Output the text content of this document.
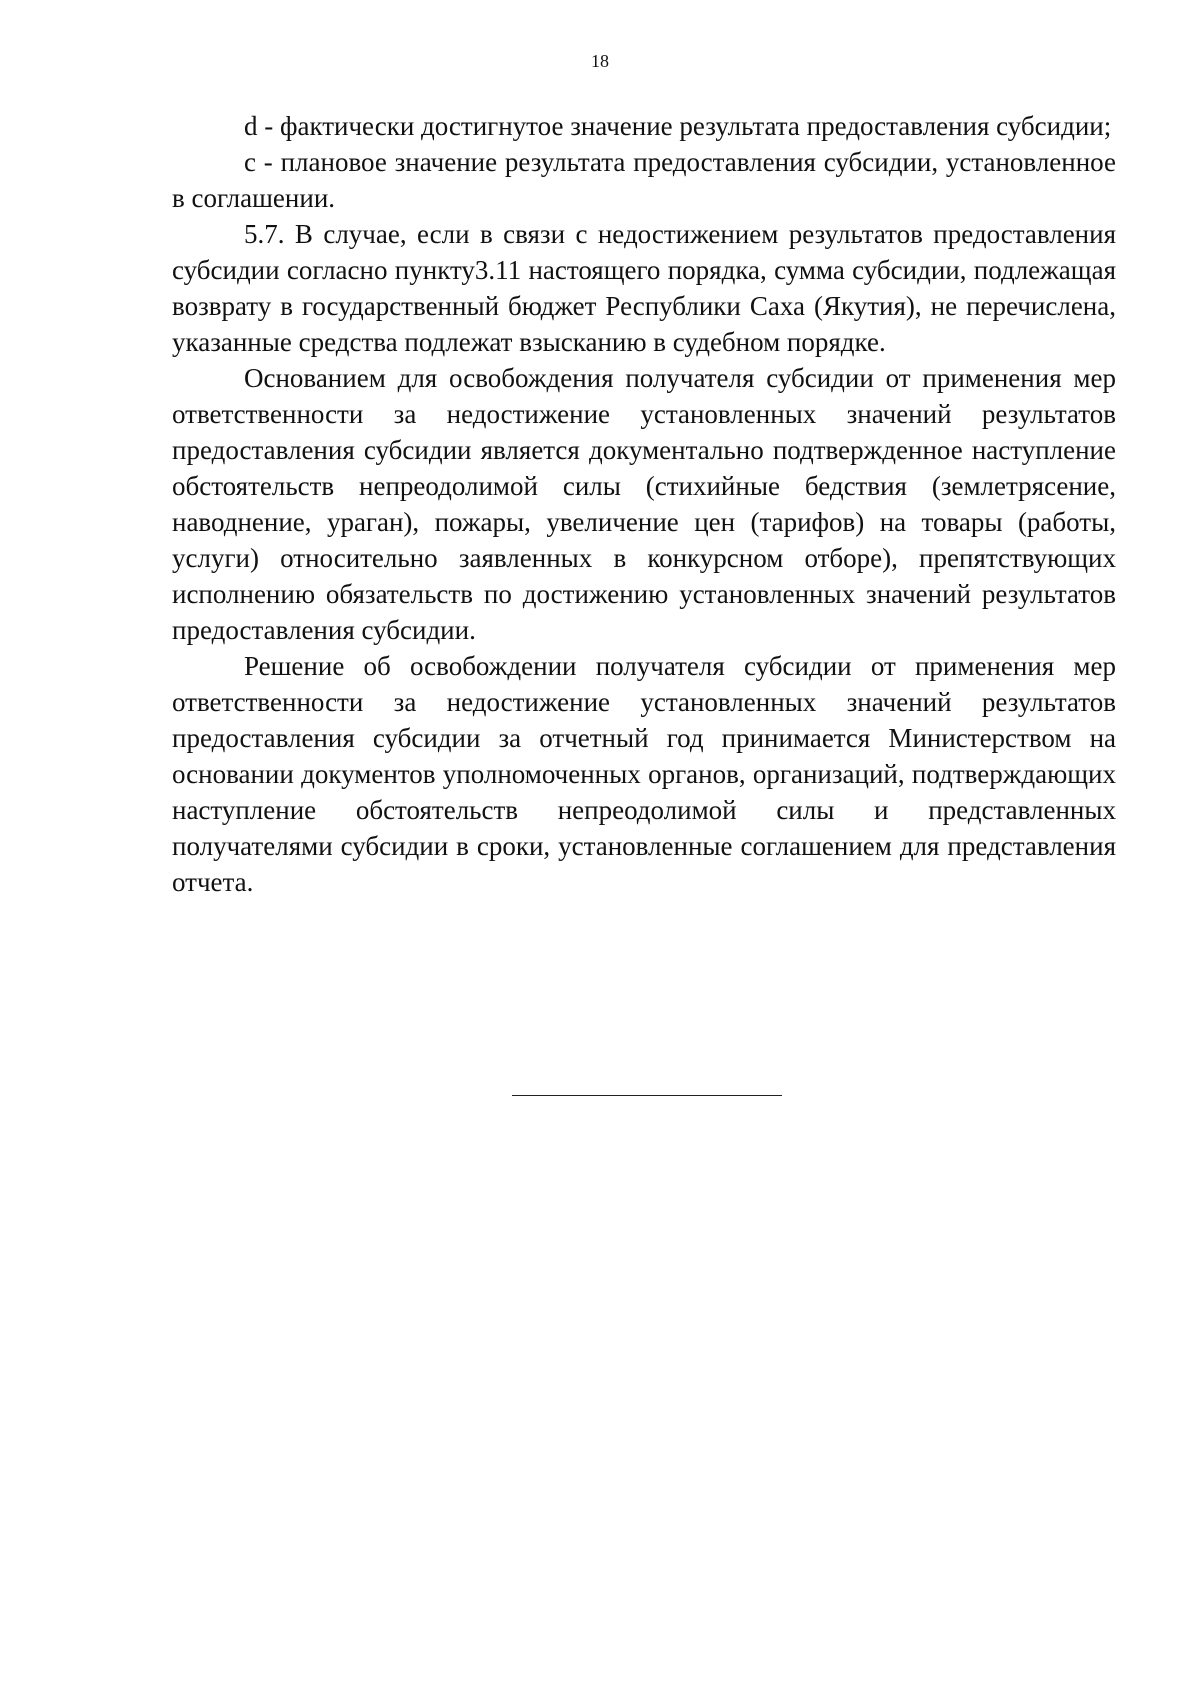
18

d - фактически достигнутое значение результата предоставления субсидии;

с - плановое значение результата предоставления субсидии, установленное в соглашении.

5.7. В случае, если в связи с недостижением результатов предоставления субсидии согласно пункту3.11 настоящего порядка, сумма субсидии, подлежащая возврату в государственный бюджет Республики Саха (Якутия), не перечислена, указанные средства подлежат взысканию в судебном порядке.

Основанием для освобождения получателя субсидии от применения мер ответственности за недостижение установленных значений результатов предоставления субсидии является документально подтвержденное наступление обстоятельств непреодолимой силы (стихийные бедствия (землетрясение, наводнение, ураган), пожары, увеличение цен (тарифов) на товары (работы, услуги) относительно заявленных в конкурсном отборе), препятствующих исполнению обязательств по достижению установленных значений результатов предоставления субсидии.

Решение об освобождении получателя субсидии от применения мер ответственности за недостижение установленных значений результатов предоставления субсидии за отчетный год принимается Министерством на основании документов уполномоченных органов, организаций, подтверждающих наступление обстоятельств непреодолимой силы и представленных получателями субсидии в сроки, установленные соглашением для представления отчета.
